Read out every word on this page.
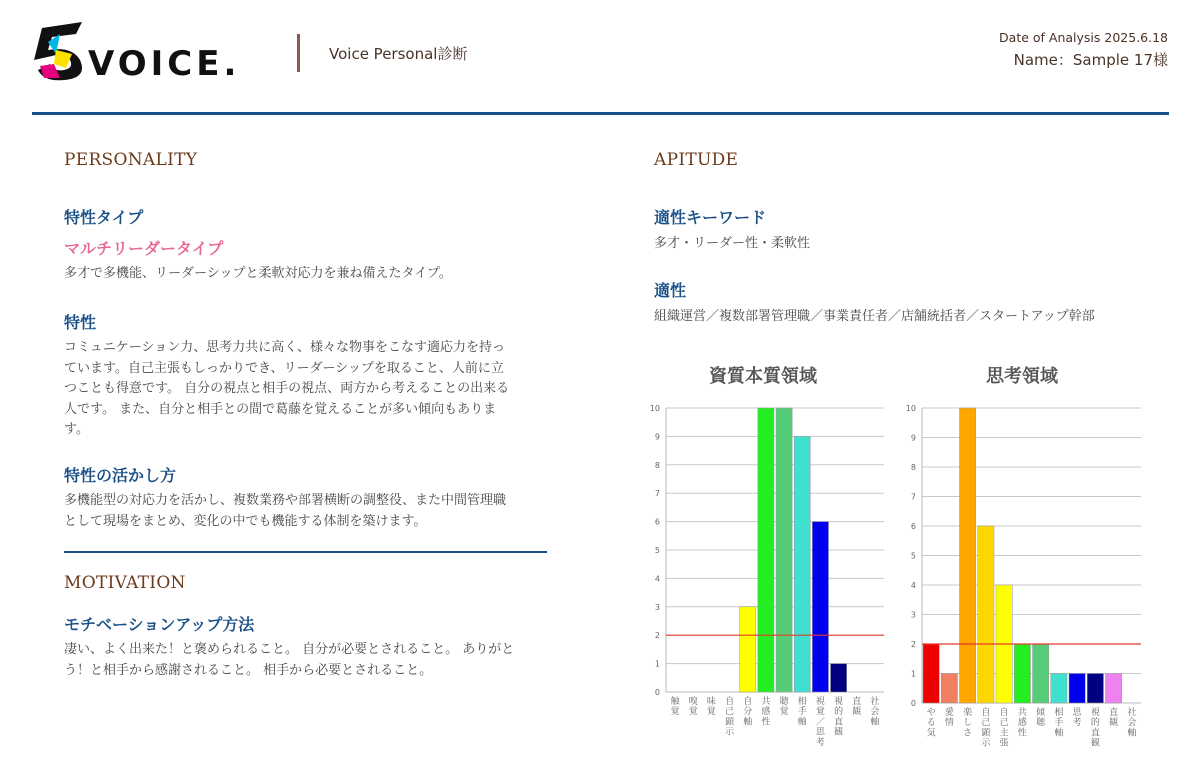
VOICE.	Voice Personal診断
Date of Analysis 2025.6.18
Name：Sample 17様
PERSONALITY
特性タイプ
マルチリーダータイプ
多才で多機能、リーダーシップと柔軟対応力を兼ね備えたタイプ。
特性
コミュニケーション力、思考力共に高く、様々な物事をこなす適応力を持っ
ています。自己主張もしっかりでき、リーダーシップを取ること、人前に立
つことも得意です。 自分の視点と相手の視点、両方から考えることの出来る
人です。 また、自分と相手との間で葛藤を覚えることが多い傾向もありま
す。
特性の活かし方
多機能型の対応力を活かし、複数業務や部署横断の調整役、また中間管理職
として現場をまとめ、変化の中でも機能する体制を築けます。
MOTIVATION
モチベーションアップ方法
凄い、よく出来た！と褒められること。 自分が必要とされること。 ありがと
う！と相手から感謝されること。 相手から必要とされること。
APITUDE
適性キーワード
多才・リーダー性・柔軟性
適性
組織運営／複数部署管理職／事業責任者／店舗統括者／スタートアップ幹部
資質本質領域	思考領域
0
1
2
3
4
5
6
7
8
9
10
触覚
嗅覚
味覚
自己顕示
自分軸
共感性
聴覚
相手軸
視覚／思考
視的直観
直観
社会軸
0
1
2
3
4
5
6
7
8
9
10
やる気
愛情
楽しさ
自己顕示
自己主張
共感性
傾聴
相手軸
思考
視的直観
直観
社会軸
